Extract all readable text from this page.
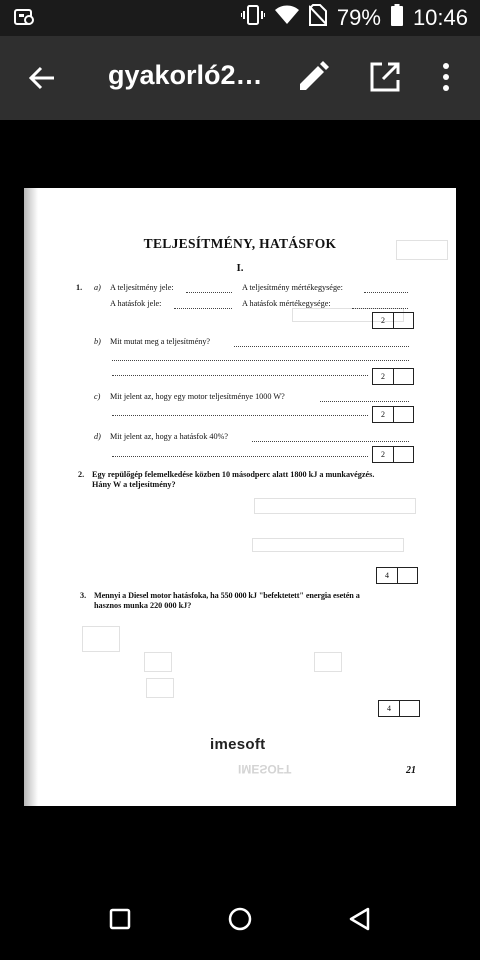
79% 10:46
gyakorló2…
TELJESÍTMÉNY, HATÁSFOK
I.
1. a) A teljesítmény jele:	A teljesítmény mértékegysége:
A hatásfok jele:	A hatásfok mértékegysége:
2
b) Mit mutat meg a teljesítmény?
2
c) Mit jelent az, hogy egy motor teljesítménye 1000 W?
2
d) Mit jelent az, hogy a hatásfok 40%?
2
2. Egy repülőgép felemelkedése közben 10 másodperc alatt 1800 kJ a munkavégzés.
Hány W a teljesítmény?
4
3. Mennyi a Diesel motor hatásfoka, ha 550 000 kJ "befektetett" energia esetén a
hasznos munka 220 000 kJ?
4
imesoft
IMESOFT	21
